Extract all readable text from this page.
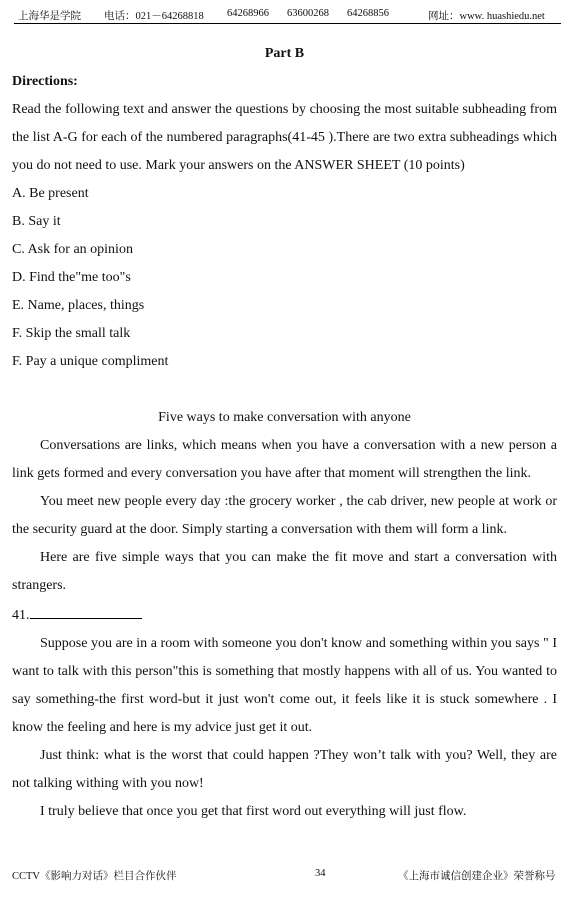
上海华是学院 电话：021－64268818 64268966 63600268 64268856	网址：www. huashiedu.net

Part B

Directions:

Read the following text and answer the questions by choosing the most suitable subheading from the list A-G for each of the numbered paragraphs(41-45 ).There are two extra subheadings which you do not need to use. Mark your answers on the ANSWER SHEET (10 points)

A. Be present

B. Say it

C. Ask for an opinion

D. Find the"me too"s

E. Name, places, things

F. Skip the small talk

F. Pay a unique compliment

Five ways to make conversation with anyone

Conversations are links, which means when you have a conversation with a new person a link gets formed and every conversation you have after that moment will strengthen the link.

You meet new people every day :the grocery worker , the cab driver, new people at work or the security guard at the door. Simply starting a conversation with them will form a link.

Here are five simple ways that you can make the fit move and start a conversation with strangers.

41.

Suppose you are in a room with someone you don't know and something within you says " I want to talk with this person"this is something that mostly happens with all of us. You wanted to say something-the first word-but it just won't come out, it feels like it is stuck somewhere . I know the feeling and here is my advice just get it out.

Just think: what is the worst that could happen ?They won’t talk with you? Well, they are not talking withing with you now!

I truly believe that once you get that first word out everything will just flow.

CCTV《影响力对话》栏目合作伙伴	34	《上海市诚信创建企业》荣誉称号
